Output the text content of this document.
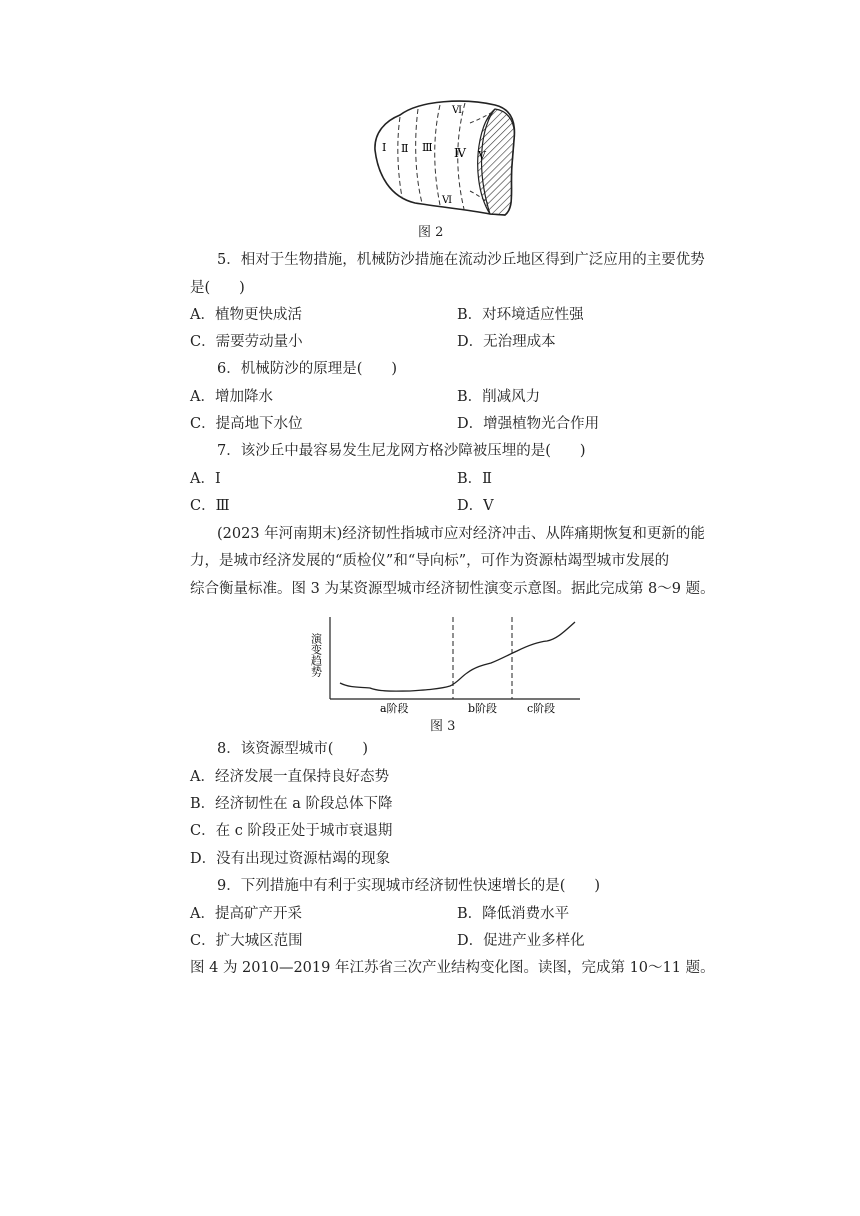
Ⅰ Ⅱ Ⅲ Ⅳ Ⅴ
Ⅵ
Ⅵ
图 2
5．相对于生物措施，机械防沙措施在流动沙丘地区得到广泛应用的主要优势
是(　　)
A．植物更快成活	B．对环境适应性强
C．需要劳动量小	D．无治理成本
6．机械防沙的原理是(　　)
A．增加降水	B．削减风力
C．提高地下水位	D．增强植物光合作用
7．该沙丘中最容易发生尼龙网方格沙障被压埋的是(　　)
A．Ⅰ	B．Ⅱ
C．Ⅲ	D．Ⅴ
(2023 年河南期末)经济韧性指城市应对经济冲击、从阵痛期恢复和更新的能
力，是城市经济发展的“质检仪”和“导向标”，可作为资源枯竭型城市发展的
综合衡量标准。图 3 为某资源型城市经济韧性演变示意图。据此完成第 8～9 题。
演变趋势
a阶段	b阶段	c阶段
图 3
8．该资源型城市(　　)
A．经济发展一直保持良好态势
B．经济韧性在 a 阶段总体下降
C．在 c 阶段正处于城市衰退期
D．没有出现过资源枯竭的现象
9．下列措施中有利于实现城市经济韧性快速增长的是(　　)
A．提高矿产开采	B．降低消费水平
C．扩大城区范围	D．促进产业多样化
图 4 为 2010—2019 年江苏省三次产业结构变化图。读图，完成第 10～11 题。
